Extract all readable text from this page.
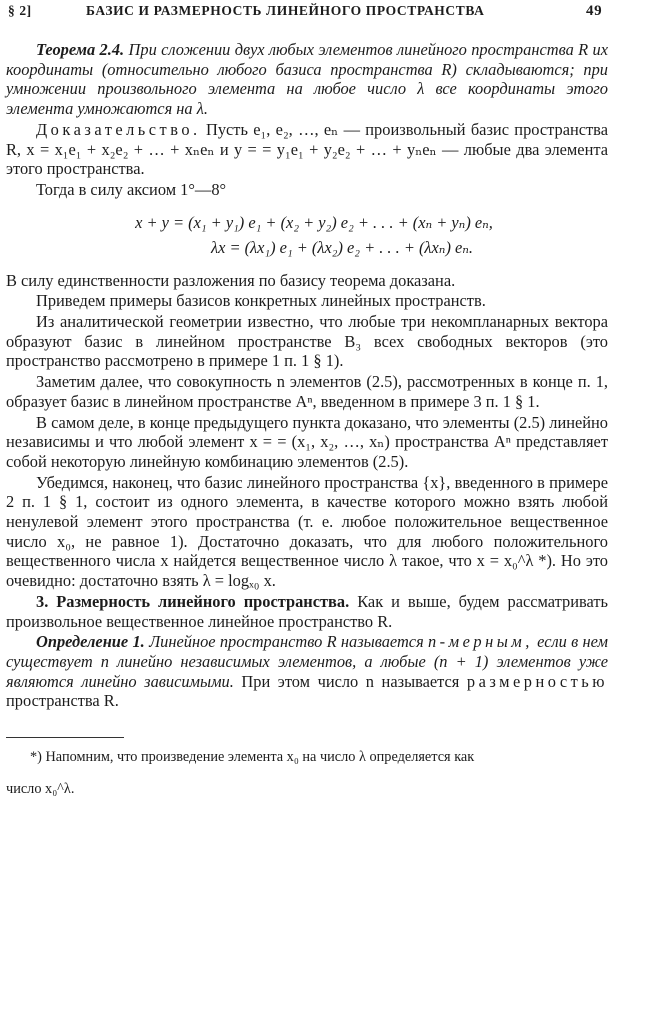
§ 2]	БАЗИС И РАЗМЕРНОСТЬ ЛИНЕЙНОГО ПРОСТРАНСТВА	49

Теорема 2.4. При сложении двух любых элементов линейного пространства R их координаты (относительно любого базиса пространства R) складываются; при умножении произвольного элемента на любое число λ все координаты этого элемента умножаются на λ.

Доказательство. Пусть e₁, e₂, …, eₙ — произвольный базис пространства R, x = x₁e₁ + x₂e₂ + … + xₙeₙ и y = = y₁e₁ + y₂e₂ + … + yₙeₙ — любые два элемента этого пространства.

Тогда в силу аксиом 1°—8°

x + y = (x₁ + y₁) e₁ + (x₂ + y₂) e₂ + . . . + (xₙ + yₙ) eₙ,

λx = (λx₁) e₁ + (λx₂) e₂ + . . . + (λxₙ) eₙ.

В силу единственности разложения по базису теорема доказана.

Приведем примеры базисов конкретных линейных пространств.

Из аналитической геометрии известно, что любые три некомпланарных вектора образуют базис в линейном пространстве B₃ всех свободных векторов (это пространство рассмотрено в примере 1 п. 1 § 1).

Заметим далее, что совокупность n элементов (2.5), рассмотренных в конце п. 1, образует базис в линейном пространстве Aⁿ, введенном в примере 3 п. 1 § 1.

В самом деле, в конце предыдущего пункта доказано, что элементы (2.5) линейно независимы и что любой элемент x = = (x₁, x₂, …, xₙ) пространства Aⁿ представляет собой некоторую линейную комбинацию элементов (2.5).

Убедимся, наконец, что базис линейного пространства {x}, введенного в примере 2 п. 1 § 1, состоит из одного элемента, в качестве которого можно взять любой ненулевой элемент этого пространства (т. е. любое положительное вещественное число x₀, не равное 1). Достаточно доказать, что для любого положительного вещественного числа x найдется вещественное число λ такое, что x = x₀^λ *). Но это очевидно: достаточно взять λ = logₓ₀ x.

3. Размерность линейного пространства. Как и выше, будем рассматривать произвольное вещественное линейное пространство R.

Определение 1. Линейное пространство R называется n-мерным, если в нем существует n линейно независимых элементов, а любые (n + 1) элементов уже являются линейно зависимыми. При этом число n называется размерностью пространства R.

*) Напомним, что произведение элемента x₀ на число λ определяется как

число x₀^λ.
